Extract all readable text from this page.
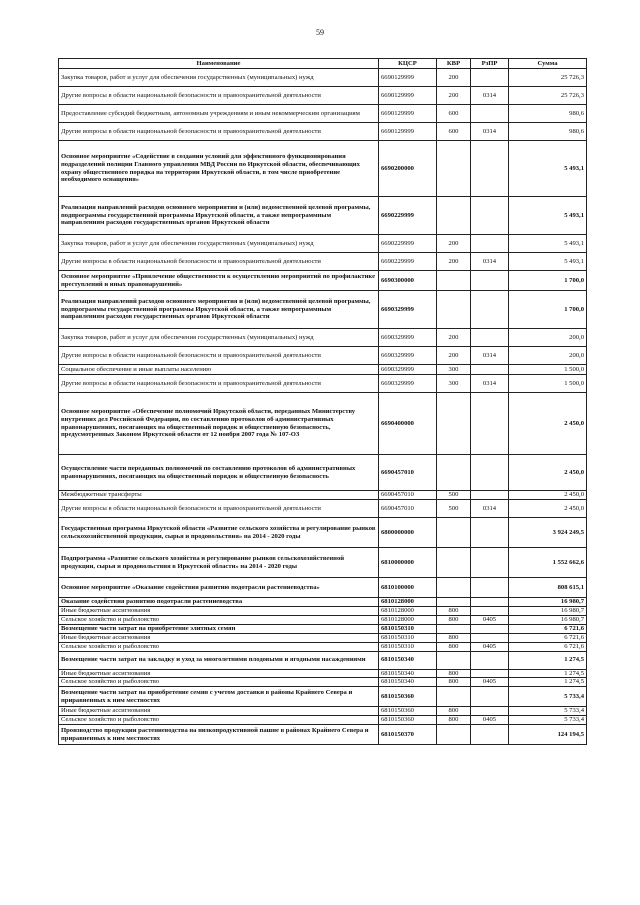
59
Наименование	КЦСР	КВР	РзПР	Сумма
Закупка товаров, работ и услуг для обеспечения государственных (муниципальных) нужд	6690129999	200		25 726,3
Другие вопросы в области национальной безопасности и правоохранительной деятельности	6690129999	200	0314	25 726,3
Предоставление субсидий бюджетным, автономным учреждениям и иным некоммерческим организациям	6690129999	600		980,6
Другие вопросы в области национальной безопасности и правоохранительной деятельности	6690129999	600	0314	980,6
Основное мероприятие «Содействие в создании условий для эффективного функционирования подразделений полиции Главного управления МВД России по Иркутской области, обеспечивающих охрану общественного порядка на территории Иркутской области, в том числе приобретение необходимого оснащения»	6690200000			5 493,1
Реализация направлений расходов основного мероприятия и (или) ведомственной целевой программы, подпрограммы государственной программы Иркутской области, а также непрограммным направлениям расходов государственных органов Иркутской области	6690229999			5 493,1
Закупка товаров, работ и услуг для обеспечения государственных (муниципальных) нужд	6690229999	200		5 493,1
Другие вопросы в области национальной безопасности и правоохранительной деятельности	6690229999	200	0314	5 493,1
Основное мероприятие «Привлечение общественности к осуществлению мероприятий по профилактике преступлений и иных правонарушений»	6690300000			1 700,0
Реализация направлений расходов основного мероприятия и (или) ведомственной целевой программы, подпрограммы государственной программы Иркутской области, а также непрограммным направлениям расходов государственных органов Иркутской области	6690329999			1 700,0
Закупка товаров, работ и услуг для обеспечения государственных (муниципальных) нужд	6690329999	200		200,0
Другие вопросы в области национальной безопасности и правоохранительной деятельности	6690329999	200	0314	200,0
Социальное обеспечение и иные выплаты населению	6690329999	300		1 500,0
Другие вопросы в области национальной безопасности и правоохранительной деятельности	6690329999	300	0314	1 500,0
Основное мероприятие «Обеспечение полномочий Иркутской области, переданных Министерству внутренних дел Российской Федерации, по составлению протоколов об административных правонарушениях, посягающих на общественный порядок и общественную безопасность, предусмотренных Законом Иркутской области от 12 ноября 2007 года № 107-ОЗ	6690400000			2 450,0
Осуществление части переданных полномочий по составлению протоколов об административных правонарушениях, посягающих на общественный порядок и общественную безопасность	6690457010			2 450,0
Межбюджетные трансферты	6690457010	500		2 450,0
Другие вопросы в области национальной безопасности и правоохранительной деятельности	6690457010	500	0314	2 450,0
Государственная программа Иркутской области «Развитие сельского хозяйства и регулирование рынков сельскохозяйственной продукции, сырья и продовольствия» на 2014 - 2020 годы	6800000000			3 924 249,5
Подпрограмма «Развитие сельского хозяйства и регулирование рынков сельскохозяйственной продукции, сырья и продовольствия в Иркутской области» на 2014 - 2020 годы	6810000000			1 552 662,6
Основное мероприятие «Оказание содействия развитию подотрасли растениеводства»	6810100000			808 615,1
Оказание содействия развитию подотрасли растениеводства	6810128000			16 980,7
Иные бюджетные ассигнования	6810128000	800		16 980,7
Сельское хозяйство и рыболовство	6810128000	800	0405	16 980,7
Возмещение части затрат на приобретение элитных семян	6810150310			6 721,6
Иные бюджетные ассигнования	6810150310	800		6 721,6
Сельское хозяйство и рыболовство	6810150310	800	0405	6 721,6
Возмещение части затрат на закладку и уход за многолетними плодовыми и ягодными насаждениями	6810150340			1 274,5
Иные бюджетные ассигнования	6810150340	800		1 274,5
Сельское хозяйство и рыболовство	6810150340	800	0405	1 274,5
Возмещение части затрат на приобретение семян с учетом доставки в районы Крайнего Севера и приравненных к ним местностях	6810150360			5 733,4
Иные бюджетные ассигнования	6810150360	800		5 733,4
Сельское хозяйство и рыболовство	6810150360	800	0405	5 733,4
Производство продукции растениеводства на низкопродуктивной пашне в районах Крайнего Севера и приравненных к ним местностях	6810150370			124 194,5
